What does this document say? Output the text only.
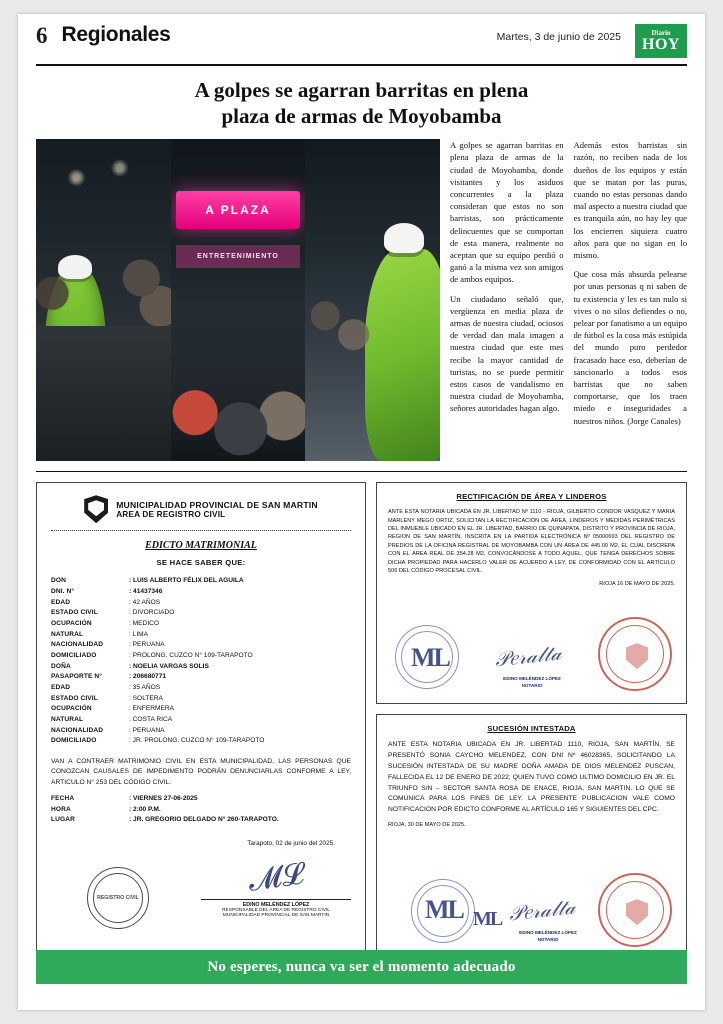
6 Regionales	Martes, 3 de junio de 2025	Diario
HOY
A golpes se agarran barritas en plena
plaza de armas de Moyobamba
A PLAZA
ENTRETENIMIENTO

A golpes se agarran barritas en plena plaza de armas de la ciudad de Moyobamba, donde visitantes y los asiduos concurrentes a la plaza consideran que estos no son barristas, son prácticamente delincuentes que se comportan de esta manera, realmente no aceptan que su equipo perdió o ganó a la misma vez son amigos de ambos equipos.

Un ciudadano señaló que, vergüenza en media plaza de armas de nuestra ciudad, ociosos de verdad dan mala imagen a nuestra ciudad que este mes recibe la mayor cantidad de turistas, no se puede permitir estos casos de vandalismo en nuestra ciudad de Moyobamba, señores autoridades hagan algo.

Además estos barristas sin razón, no reciben nada de los dueños de los equipos y están que se matan por las puras, cuando no estas personas dando mal aspecto a nuestra ciudad que es tranquila aún, no hay ley que los encierren siquiera cuatro años para que no sigan en lo mismo.

Que cosa más absurda pelearse por unas personas q ni saben de tu existencia y les es tan nulo si vives o no silos defiendes o no, pelear por fanatismo a un equipo de fútbol es la cosa más estúpida del mundo puro perdedor fracasado hace eso, deberían de sancionarlo a todos esos barristas que no saben comportarse, que los traen miedo e inseguridades a nuestros niños. (Jorge Canales)

MUNICIPALIDAD PROVINCIAL DE SAN MARTIN
AREA DE REGISTRO CIVIL
EDICTO MATRIMONIAL
SE HACE SABER QUE:
DON	: LUIS ALBERTO FÉLIX DEL AGUILA
DNI. N°	: 41437346
EDAD	: 42 AÑOS
ESTADO CIVIL	: DIVORCIADO
OCUPACIÓN	: MEDICO
NATURAL	: LIMA
NACIONALIDAD	: PERUANA
DOMICILIADO	: PROLONG. CUZCO N° 109-TARAPOTO
DOÑA	: NOELIA VARGAS SOLIS
PASAPORTE N°	: 206680771
EDAD	: 35 AÑOS
ESTADO CIVIL	: SOLTERA
OCUPACIÓN	: ENFERMERA
NATURAL	: COSTA RICA
NACIONALIDAD	: PERUANA
DOMICILIADO	: JR. PROLONG. CUZCO N° 109-TARAPOTO
VAN A CONTRAER MATRIMONIO CIVIL EN ESTA MUNICIPALIDAD, LAS PERSONAS QUE CONOZCAN CAUSALES DE IMPEDIMENTO PODRÁN DENUNCIARLAS CONFORME A LEY, ARTICULO N° 253 DEL CÓDIGO CIVIL.
FECHA	: VIERNES 27-06-2025
HORA	: 2:00 P.M.
LUGAR	: JR. GREGORIO DELGADO N° 260-TARAPOTO.
Tarapoto, 02 de junio del 2025.
REGISTRO CIVIL	𝓜𝓛
EDINO MELÉNDEZ LÓPEZ
RESPONSABLE DEL AREA DE REGISTRO CIVIL
MUNICIPALIDAD PROVINCIAL DE SAN MARTIN
RECTIFICACIÓN DE ÁREA Y LINDEROS
ANTE ESTA NOTARIA UBICADA EN JR. LIBERTAD Nº 1110 - RIOJA, GILBERTO CONDOR VASQUEZ Y MARIA MARLENY MEGO ORTIZ, SOLICITAN LA RECTIFICACIÓN DE ÁREA, LINDEROS Y MEDIDAS PERIMÉTRICAS DEL INMUEBLE UBICADO EN EL JR. LIBERTAD, BARRIO DE QUINAPATA, DISTRITO Y PROVINCIA DE RIOJA, REGION DE SAN MARTÍN, INSCRITA EN LA PARTIDA ELECTRÓNICA Nº 05000693 DEL REGISTRO DE PREDIOS DE LA OFICINA REGISTRAL DE MOYOBAMBA CON UN ÁREA DE 445.00 M2, EL CUAL DISCREPA CON EL ÁREA REAL DE 354.28 M2, CONVOCÁNDOSE A TODO AQUEL, QUE TENGA DERECHOS SOBRE DICHA PROPIEDAD PARA HACERLO VALER DE ACUERDO A LEY, DE CONFORMIDAD CON EL ARTÍCULO 506 DEL CÓDIGO PROCESAL CIVIL.
RIOJA 16 DE MAYO DE 2025.
ML 𝒫𝑒𝓇𝒶𝓁𝓉𝒶
EDINO MELÉNDEZ LÓPEZ
NOTARIO
SUCESIÓN INTESTADA
ANTE ESTA NOTARIA UBICADA EN JR. LIBERTAD 1110, RIOJA, SAN MARTÍN, SE PRESENTÓ SONIA CAYCHO MELENDEZ, CON DNI Nº 46028365, SOLICITANDO LA SUCESIÓN INTESTADA DE SU MADRE DOÑA AMADA DE DIOS MELENDEZ PUSCAN, FALLECIDA EL 12 DE ENERO DE 2022; QUIEN TUVO COMO ULTIMO DOMICILIO EN JR. EL TRIUNFO S/N – SECTOR SANTA ROSA DE ENACE, RIOJA, SAN MARTIN. LO QUE SE COMUNICA PARA LOS FINES DE LEY. LA PRESENTE PUBLICACION VALE COMO NOTIFICACION POR EDICTO CONFORME AL ARTÍCULO 165 Y SIGUIENTES DEL CPC.
RIOJA, 30 DE MAYO DE 2025.
ML ML 𝒫𝑒𝓇𝒶𝓁𝓉𝒶
EDINO MELÉNDEZ LÓPEZ
NOTARIO
No esperes, nunca va ser el momento adecuado
